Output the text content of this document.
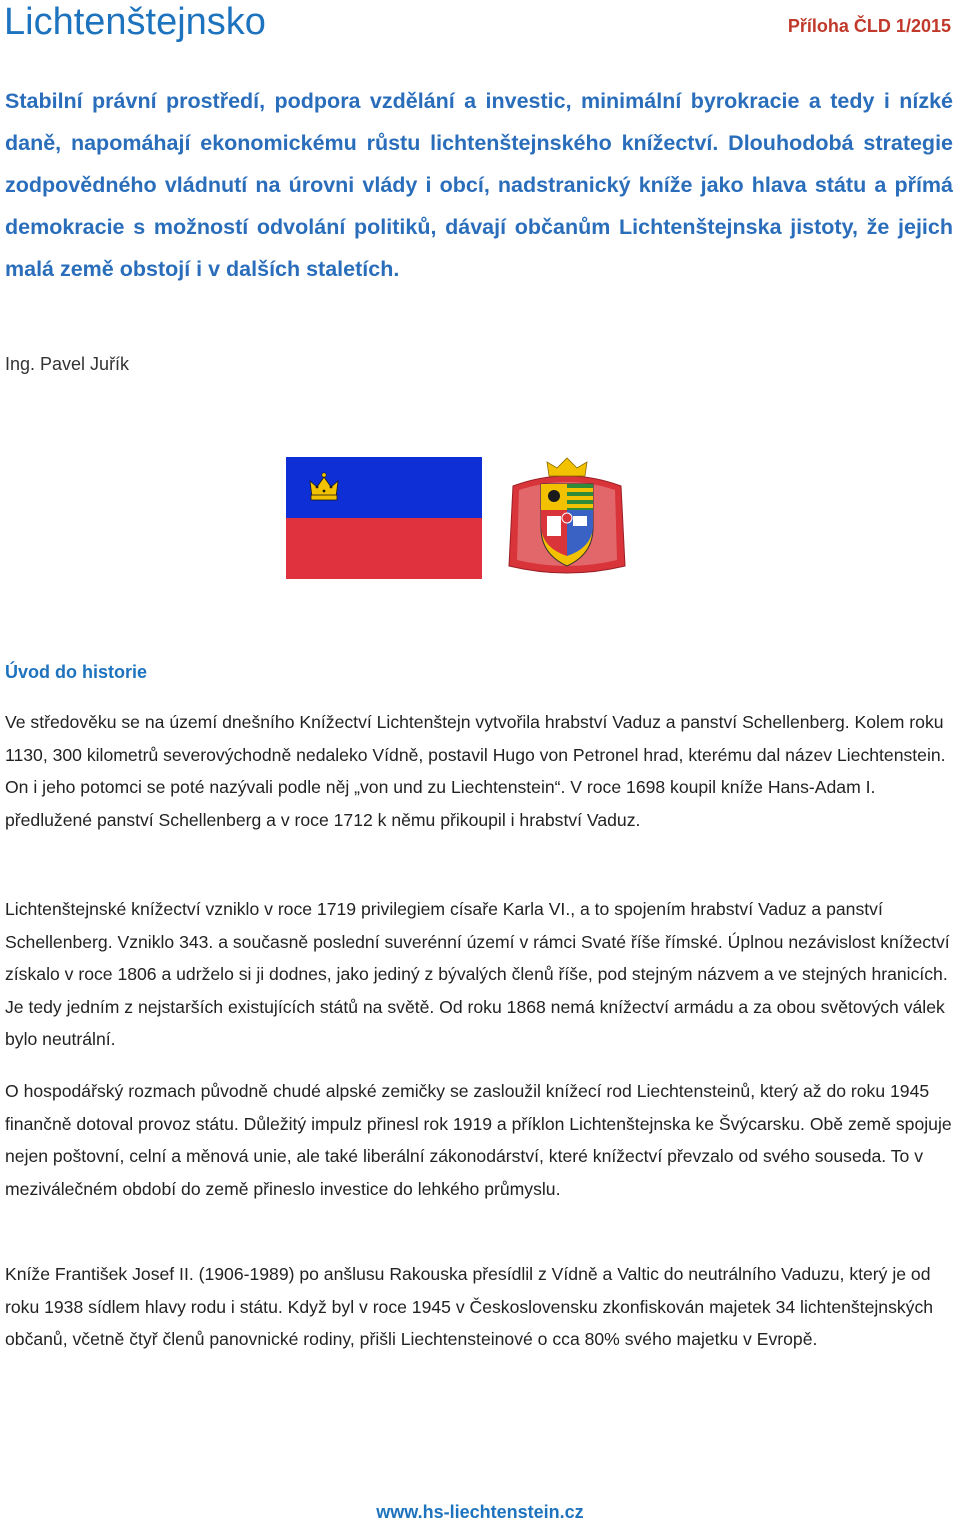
Lichtenštejnsko	Příloha ČLD 1/2015

Stabilní právní prostředí, podpora vzdělání a investic, minimální byrokracie a tedy i nízké daně, napomáhají ekonomickému růstu lichtenštejnského knížectví. Dlouhodobá strategie zodpovědného vládnutí na úrovni vlády i obcí, nadstranický kníže jako hlava státu a přímá demokracie s možností odvolání politiků, dávají občanům Lichtenštejnska jistoty, že jejich malá země obstojí i v dalších staletích.

Ing. Pavel Juřík

Úvod do historie

Ve středověku se na území dnešního Knížectví Lichtenštejn vytvořila hrabství Vaduz a panství Schellenberg. Kolem roku 1130, 300 kilometrů severovýchodně nedaleko Vídně, postavil Hugo von Petronel hrad, kterému dal název Liechtenstein. On i jeho potomci se poté nazývali podle něj „von und zu Liechtenstein“. V roce 1698 koupil kníže Hans-Adam I. předlužené panství Schellenberg a v roce 1712 k němu přikoupil i hrabství Vaduz.

Lichtenštejnské knížectví vzniklo v roce 1719 privilegiem císaře Karla VI., a to spojením hrabství Vaduz a panství Schellenberg. Vzniklo 343. a současně poslední suverénní území v rámci Svaté říše římské. Úplnou nezávislost knížectví získalo v roce 1806 a udrželo si ji dodnes, jako jediný z bývalých členů říše, pod stejným názvem a ve stejných hranicích. Je tedy jedním z nejstarších existujících států na světě. Od roku 1868 nemá knížectví armádu a za obou světových válek bylo neutrální.

O hospodářský rozmach původně chudé alpské zemičky se zasloužil knížecí rod Liechtensteinů, který až do roku 1945 finančně dotoval provoz státu. Důležitý impulz přinesl rok 1919 a příklon Lichtenštejnska ke Švýcarsku. Obě země spojuje nejen poštovní, celní a měnová unie, ale také liberální zákonodárství, které knížectví převzalo od svého souseda. To v meziválečném období do země přineslo investice do lehkého průmyslu.

Kníže František Josef II. (1906-1989) po anšlusu Rakouska přesídlil z Vídně a Valtic do neutrálního Vaduzu, který je od roku 1938 sídlem hlavy rodu i státu. Když byl v roce 1945 v Československu zkonfiskován majetek 34 lichtenštejnských občanů, včetně čtyř členů panovnické rodiny, přišli Liechtensteinové o cca 80% svého majetku v Evropě.

www.hs-liechtenstein.cz
